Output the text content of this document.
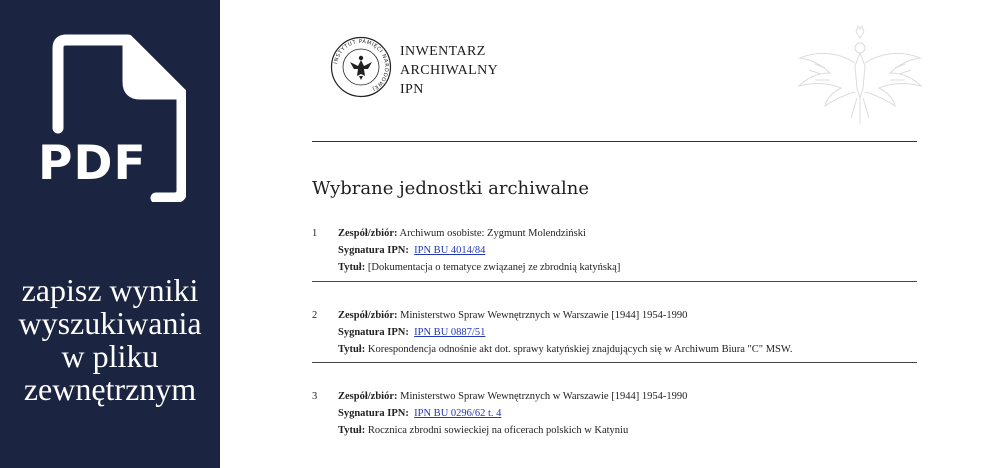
PDF
zapisz wyniki
wyszukiwania
w pliku
zewnętrznym
INSTYTUT PAMIĘCI NARODOWEJ
INWENTARZ
ARCHIWALNY
IPN
Wybrane jednostki archiwalne
1 Zespół/zbiór: Archiwum osobiste: Zygmunt Molendziński
Sygnatura IPN: IPN BU 4014/84
Tytuł: [Dokumentacja o tematyce związanej ze zbrodnią katyńską]
2 Zespół/zbiór: Ministerstwo Spraw Wewnętrznych w Warszawie [1944] 1954-1990
Sygnatura IPN: IPN BU 0887/51
Tytuł: Korespondencja odnośnie akt dot. sprawy katyńskiej znajdujących się w Archiwum Biura "C" MSW.
3 Zespół/zbiór: Ministerstwo Spraw Wewnętrznych w Warszawie [1944] 1954-1990
Sygnatura IPN: IPN BU 0296/62 t. 4
Tytuł: Rocznica zbrodni sowieckiej na oficerach polskich w Katyniu
